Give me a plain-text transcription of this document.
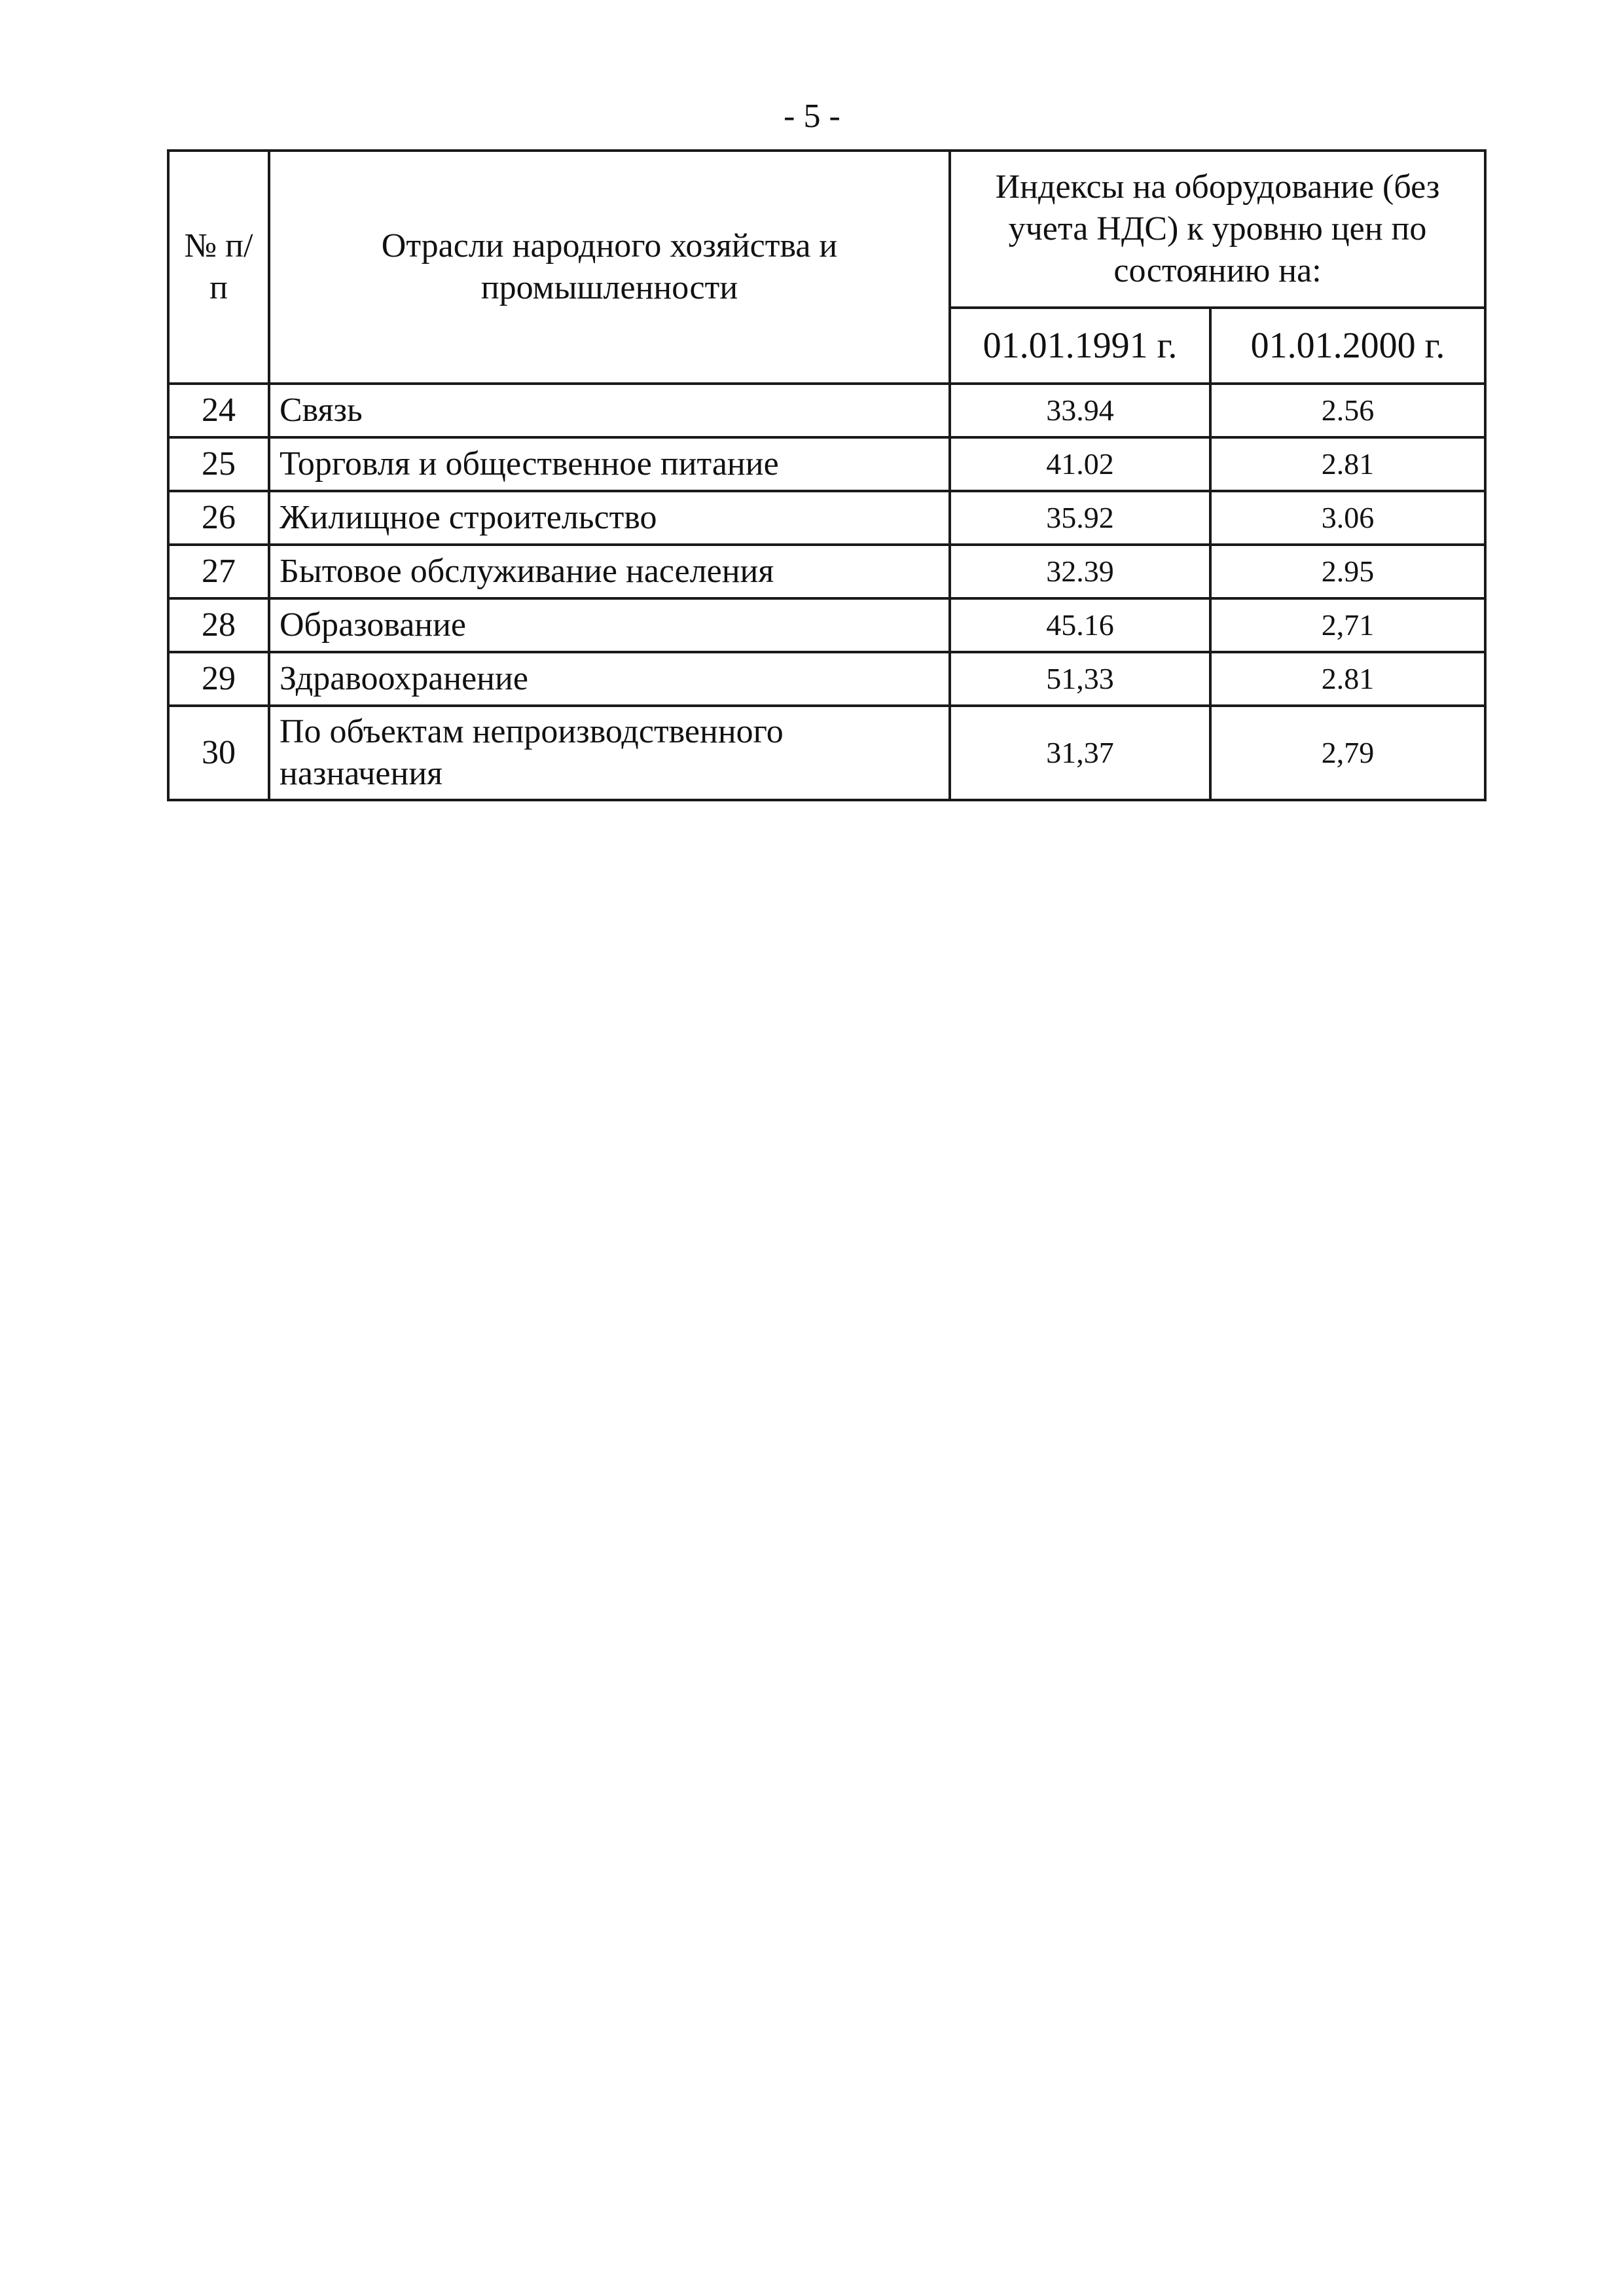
- 5 -
№ п/п	Отрасли народного хозяйства и промышленности	Индексы на оборудование (без учета НДС) к уровню цен по состоянию на:	
		01.01.1991 г.	01.01.2000 г.
24	Связь	33.94	2.56
25	Торговля и общественное питание	41.02	2.81
26	Жилищное строительство	35.92	3.06
27	Бытовое обслуживание населения	32.39	2.95
28	Образование	45.16	2,71
29	Здравоохранение	51,33	2.81
30	По объектам непроизводственного назначения	31,37	2,79
